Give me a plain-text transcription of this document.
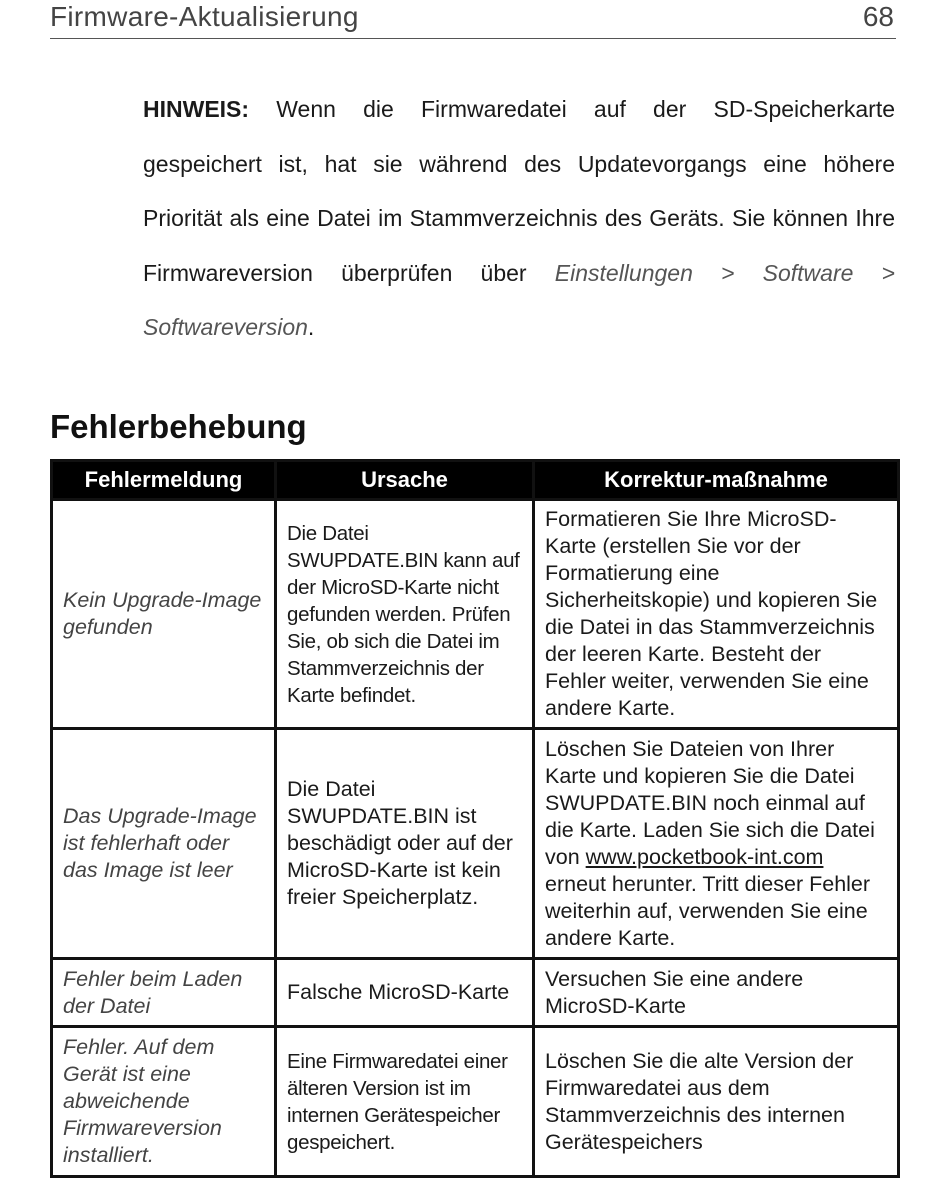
Firmware-Aktualisierung	68

HINWEIS: Wenn die Firmwaredatei auf der SD-Speicherkarte gespeichert ist, hat sie während des Updatevorgangs eine höhere Priorität als eine Datei im Stammverzeichnis des Geräts. Sie können Ihre Firmwareversion überprüfen über Einstellungen > Software > Softwareversion.

Fehlerbehebung
Fehlermeldung	Ursache	Korrektur-maßnahme
Kein Upgrade-Image gefunden	Die Datei SWUPDATE.BIN kann auf der MicroSD-Karte nicht gefunden werden. Prüfen Sie, ob sich die Datei im Stammverzeichnis der Karte befindet.	Formatieren Sie Ihre MicroSD-Karte (erstellen Sie vor der Formatierung eine Sicherheitskopie) und kopieren Sie die Datei in das Stammverzeichnis der leeren Karte. Besteht der Fehler weiter, verwenden Sie eine andere Karte.
Das Upgrade-Image ist fehlerhaft oder das Image ist leer	Die Datei SWUPDATE.BIN ist beschädigt oder auf der MicroSD-Karte ist kein freier Speicherplatz.	Löschen Sie Dateien von Ihrer Karte und kopieren Sie die Datei SWUPDATE.BIN noch einmal auf die Karte. Laden Sie sich die Datei von www.pocketbook-int.com erneut herunter. Tritt dieser Fehler weiterhin auf, verwenden Sie eine andere Karte.
Fehler beim Laden der Datei	Falsche MicroSD-Karte	Versuchen Sie eine andere MicroSD-Karte
Fehler. Auf dem Gerät ist eine abweichende Firmwareversion installiert.	Eine Firmwaredatei einer älteren Version ist im internen Gerätespeicher gespeichert.	Löschen Sie die alte Version der Firmwaredatei aus dem Stammverzeichnis des internen Gerätespeichers
